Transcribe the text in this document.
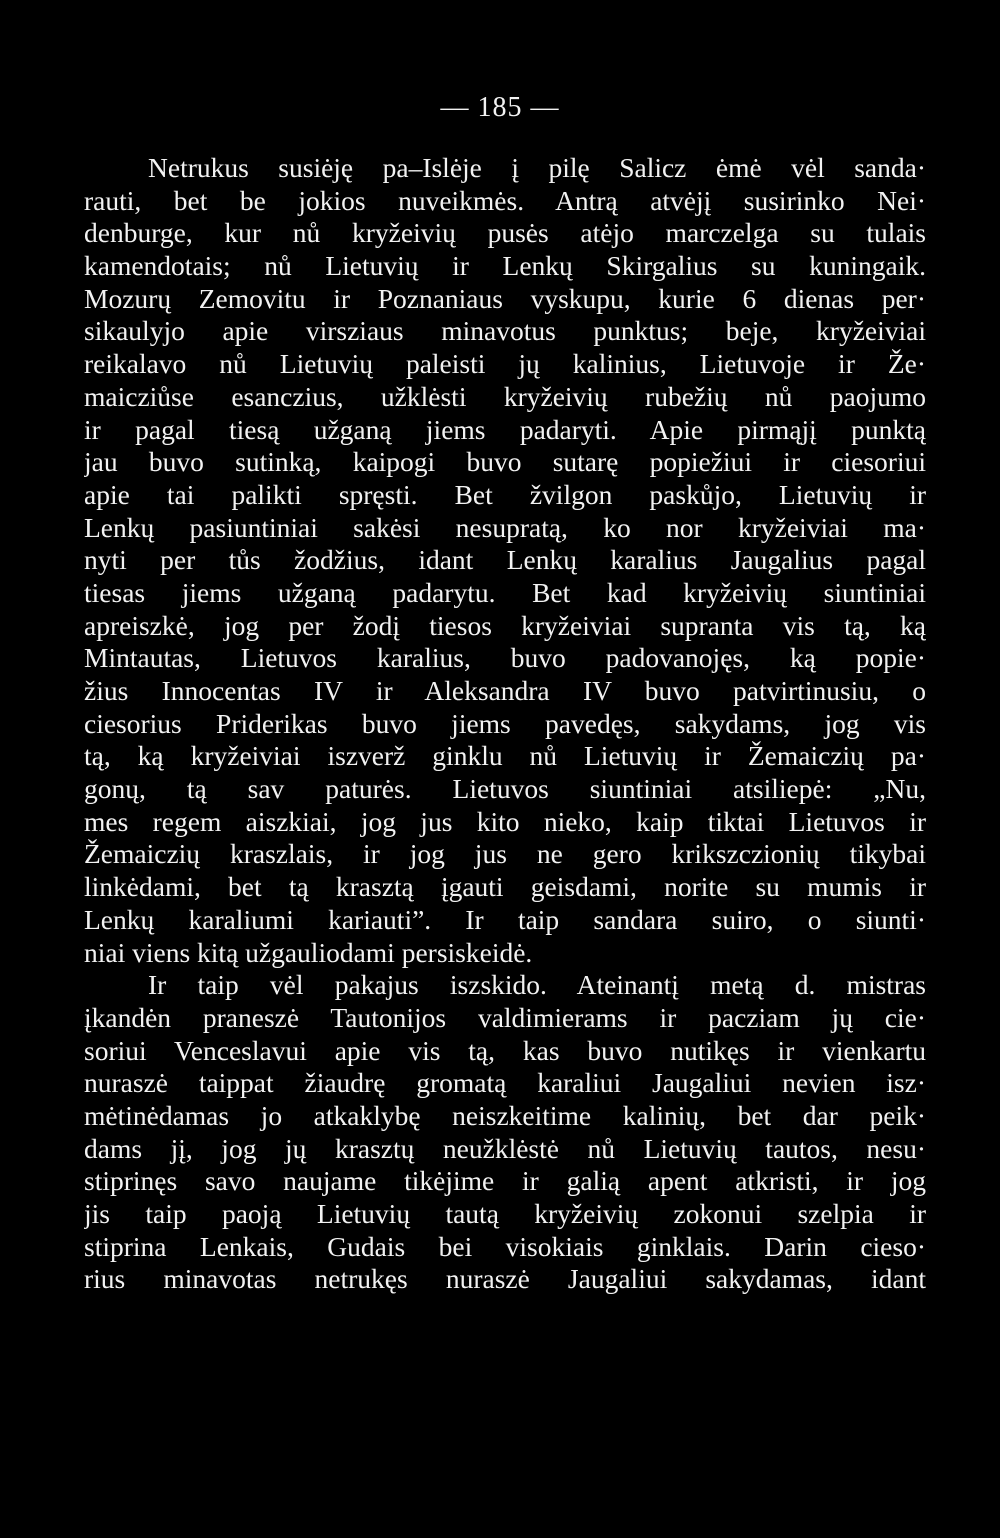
— 185 —
Netrukus susiėję pa–Islėje į pilę Salicz ėmė vėl sanda·
rauti, bet be jokios nuveikmės. Antrą atvėjį susirinko Nei·
denburge, kur nů kryžeivių pusės atėjo marczelga su tulais
kamendotais; nů Lietuvių ir Lenkų Skirgalius su kuningaik.
Mozurų Zemovitu ir Poznaniaus vyskupu, kurie 6 dienas per·
sikaulyjo apie virsziaus minavotus punktus; beje, kryžeiviai
reikalavo nů Lietuvių paleisti jų kalinius, Lietuvoje ir Že·
maicziůse esanczius, užklėsti kryžeivių rubežių nů paojumo
ir pagal tiesą užganą jiems padaryti. Apie pirmąjį punktą
jau buvo sutinką, kaipogi buvo sutarę popiežiui ir ciesoriui
apie tai palikti spręsti. Bet žvilgon paskůjo, Lietuvių ir
Lenkų pasiuntiniai sakėsi nesupratą, ko nor kryžeiviai ma·
nyti per tůs žodžius, idant Lenkų karalius Jaugalius pagal
tiesas jiems užganą padarytu. Bet kad kryžeivių siuntiniai
apreiszkė, jog per žodį tiesos kryžeiviai supranta vis tą, ką
Mintautas, Lietuvos karalius, buvo padovanojęs, ką popie·
žius Innocentas IV ir Aleksandra IV buvo patvirtinusiu, o
ciesorius Priderikas buvo jiems pavedęs, sakydams, jog vis
tą, ką kryžeiviai iszverž ginklu nů Lietuvių ir Žemaiczių pa·
gonų, tą sav paturės. Lietuvos siuntiniai atsiliepė: „Nu,
mes regem aiszkiai, jog jus kito nieko, kaip tiktai Lietuvos ir
Žemaiczių kraszlais, ir jog jus ne gero krikszczionių tikybai
linkėdami, bet tą krasztą įgauti geisdami, norite su mumis ir
Lenkų karaliumi kariauti”. Ir taip sandara suiro, o siunti·
niai viens kitą užgauliodami persiskeidė.
Ir taip vėl pakajus iszskido. Ateinantį metą d. mistras
įkandėn praneszė Tautonijos valdimierams ir pacziam jų cie·
soriui Venceslavui apie vis tą, kas buvo nutikęs ir vienkartu
nuraszė taippat žiaudrę gromatą karaliui Jaugaliui nevien isz·
mėtinėdamas jo atkaklybę neiszkeitime kalinių, bet dar peik·
dams jį, jog jų krasztų neužklėstė nů Lietuvių tautos, nesu·
stiprinęs savo naujame tikėjime ir galią apent atkristi, ir jog
jis taip paoją Lietuvių tautą kryžeivių zokonui szelpia ir
stiprina Lenkais, Gudais bei visokiais ginklais. Darin cieso·
rius minavotas netrukęs nuraszė Jaugaliui sakydamas, idant
